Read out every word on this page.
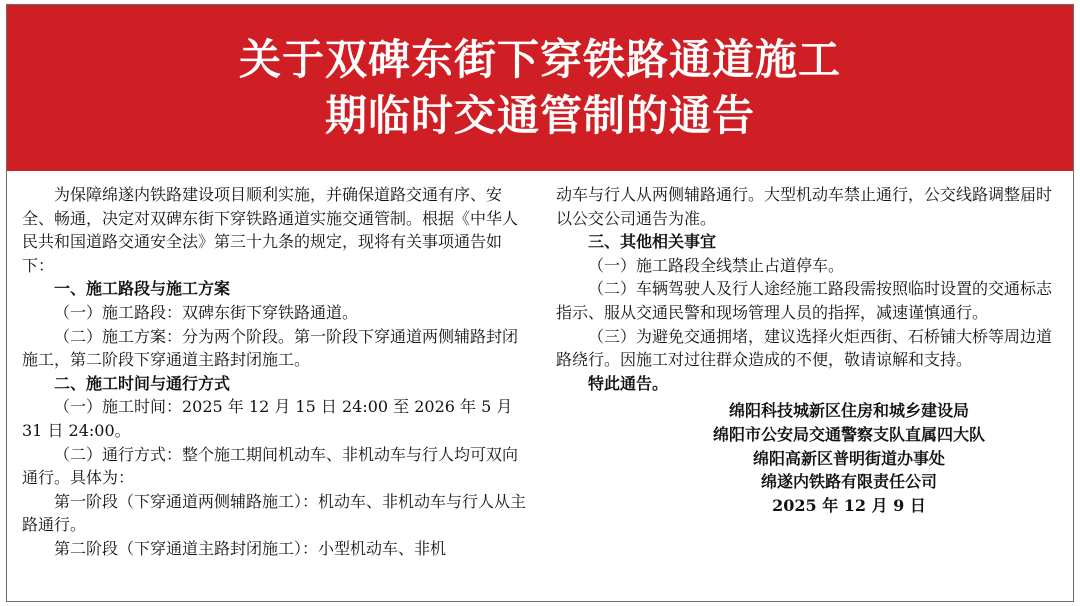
关于双碑东街下穿铁路通道施工
期临时交通管制的通告

为保障绵遂内铁路建设项目顺利实施，并确保道路交通有序、安全、畅通，决定对双碑东街下穿铁路通道实施交通管制。根据《中华人民共和国道路交通安全法》第三十九条的规定，现将有关事项通告如下：

一、施工路段与施工方案

（一）施工路段：双碑东街下穿铁路通道。

（二）施工方案：分为两个阶段。第一阶段下穿通道两侧辅路封闭施工，第二阶段下穿通道主路封闭施工。

二、施工时间与通行方式

（一）施工时间：2025 年 12 月 15 日 24:00 至 2026 年 5 月 31 日 24:00。

（二）通行方式：整个施工期间机动车、非机动车与行人均可双向通行。具体为：

第一阶段（下穿通道两侧辅路施工）：机动车、非机动车与行人从主路通行。

第二阶段（下穿通道主路封闭施工）：小型机动车、非机

动车与行人从两侧辅路通行。大型机动车禁止通行，公交线路调整届时以公交公司通告为准。

三、其他相关事宜

（一）施工路段全线禁止占道停车。

（二）车辆驾驶人及行人途经施工路段需按照临时设置的交通标志指示、服从交通民警和现场管理人员的指挥，减速谨慎通行。

（三）为避免交通拥堵，建议选择火炬西街、石桥铺大桥等周边道路绕行。因施工对过往群众造成的不便，敬请谅解和支持。

特此通告。

绵阳科技城新区住房和城乡建设局

绵阳市公安局交通警察支队直属四大队

绵阳高新区普明街道办事处

绵遂内铁路有限责任公司

2025 年 12 月 9 日
